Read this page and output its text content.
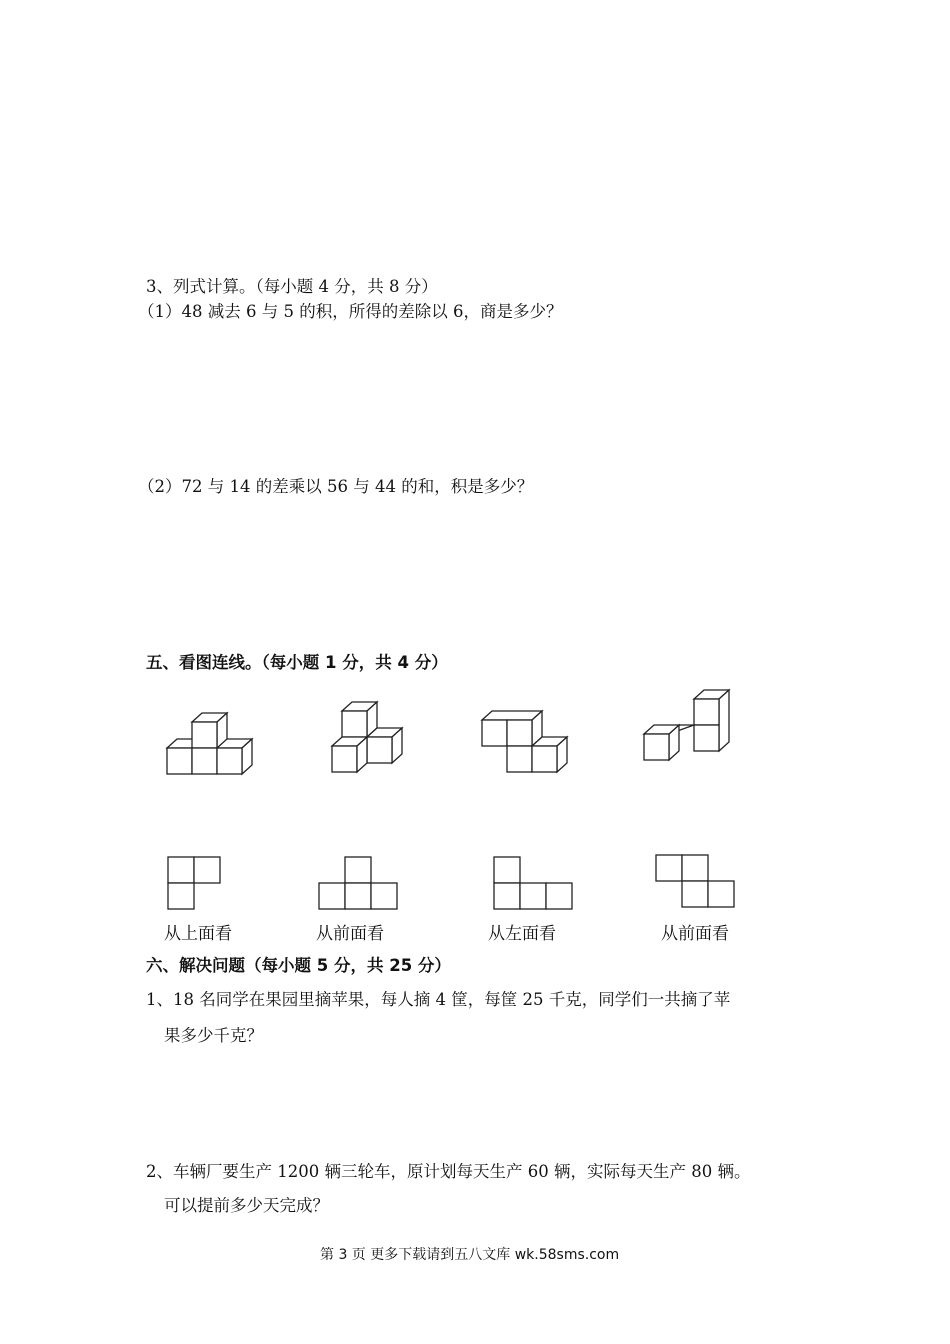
3、列式计算。（每小题 4 分，共 8 分）
（1）48 减去 6 与 5 的积，所得的差除以 6，商是多少？
（2）72 与 14 的差乘以 56 与 44 的和，积是多少？
五、看图连线。（每小题 1 分，共 4 分）
从上面看	从前面看	从左面看	从前面看
六、解决问题（每小题 5 分，共 25 分）
1、18 名同学在果园里摘苹果，每人摘 4 筐，每筐 25 千克，同学们一共摘了苹
果多少千克？
2、车辆厂要生产 1200 辆三轮车，原计划每天生产 60 辆，实际每天生产 80 辆。
可以提前多少天完成？
第 3 页 更多下载请到五八文库 wk.58sms.com
